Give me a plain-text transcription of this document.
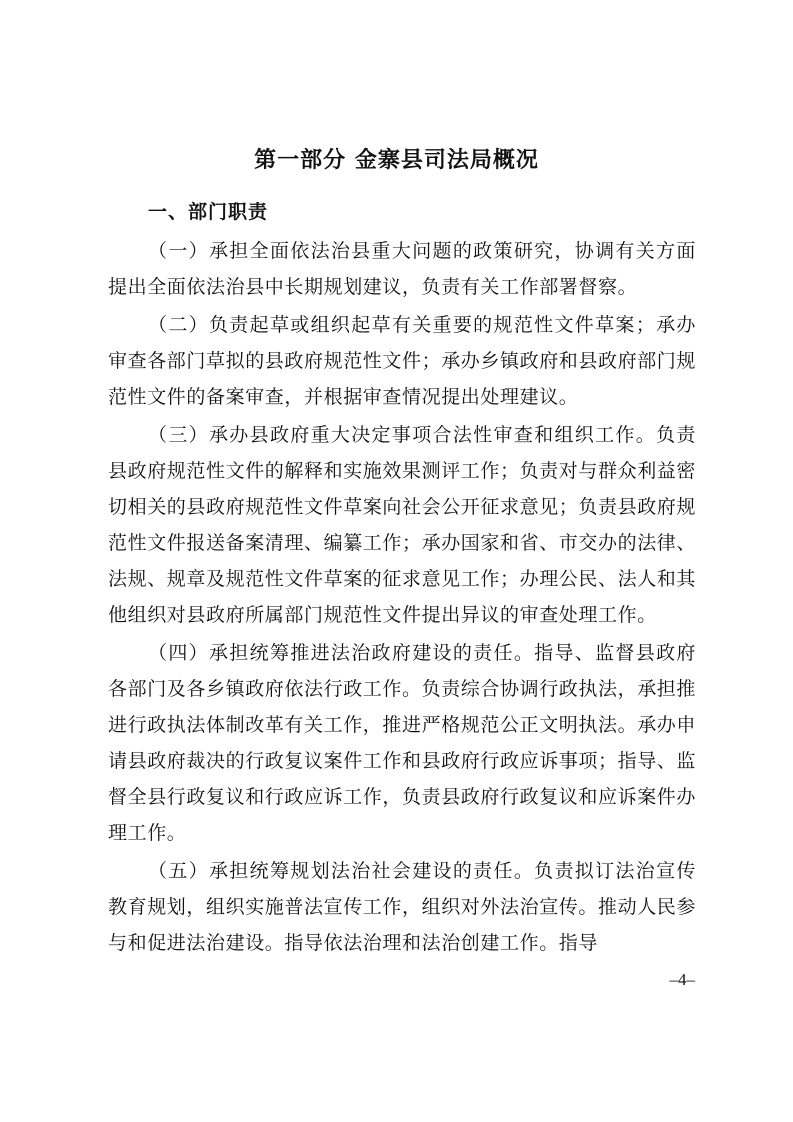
第一部分 金寨县司法局概况
一、部门职责

（一）承担全面依法治县重大问题的政策研究，协调有关方面提出全面依法治县中长期规划建议，负责有关工作部署督察。

（二）负责起草或组织起草有关重要的规范性文件草案；承办审查各部门草拟的县政府规范性文件；承办乡镇政府和县政府部门规范性文件的备案审查，并根据审查情况提出处理建议。

（三）承办县政府重大决定事项合法性审查和组织工作。负责县政府规范性文件的解释和实施效果测评工作；负责对与群众利益密切相关的县政府规范性文件草案向社会公开征求意见；负责县政府规范性文件报送备案清理、编纂工作；承办国家和省、市交办的法律、法规、规章及规范性文件草案的征求意见工作；办理公民、法人和其他组织对县政府所属部门规范性文件提出异议的审查处理工作。

（四）承担统筹推进法治政府建设的责任。指导、监督县政府各部门及各乡镇政府依法行政工作。负责综合协调行政执法，承担推进行政执法体制改革有关工作，推进严格规范公正文明执法。承办申请县政府裁决的行政复议案件工作和县政府行政应诉事项；指导、监督全县行政复议和行政应诉工作，负责县政府行政复议和应诉案件办理工作。

（五）承担统筹规划法治社会建设的责任。负责拟订法治宣传教育规划，组织实施普法宣传工作，组织对外法治宣传。推动人民参与和促进法治建设。指导依法治理和法治创建工作。指导

–4–
